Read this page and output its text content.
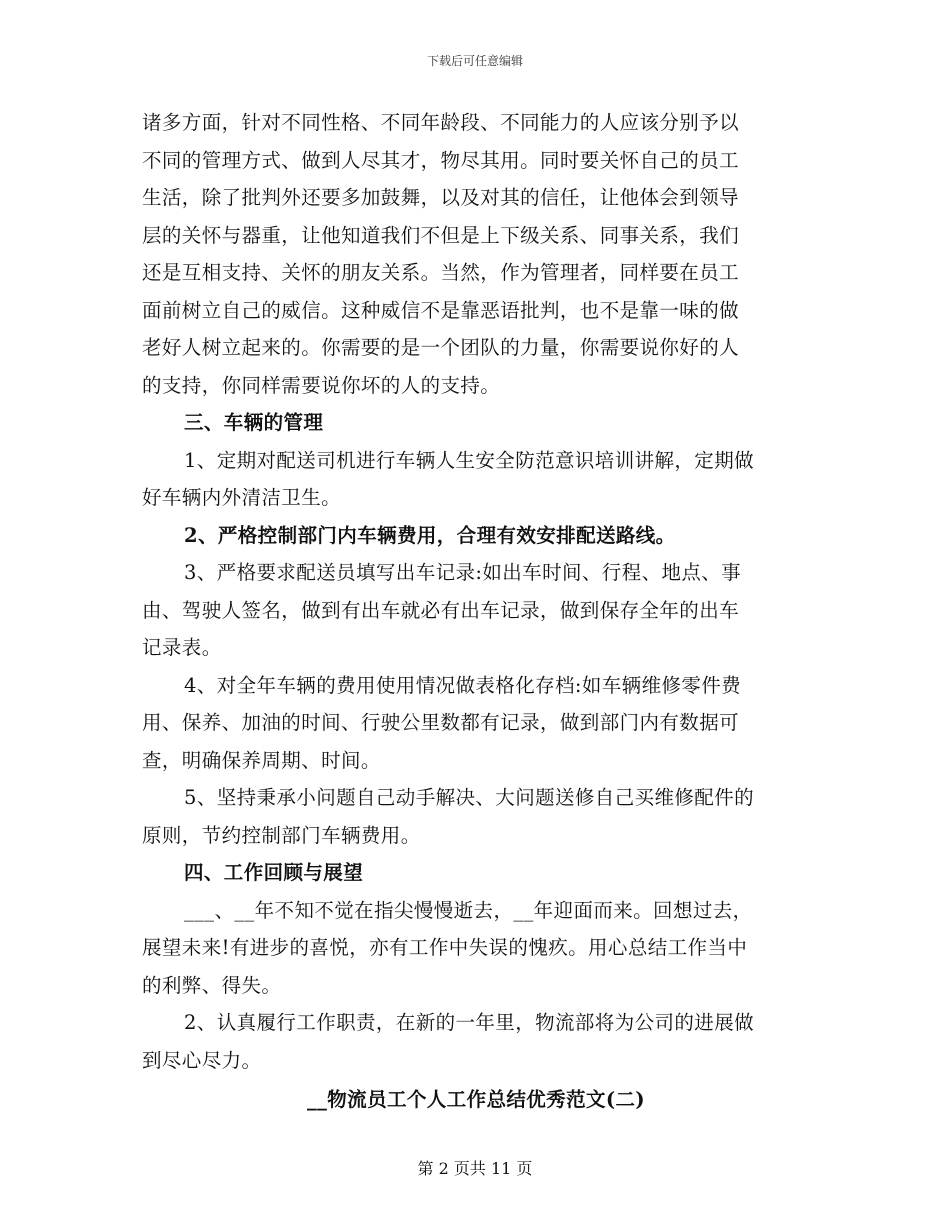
下载后可任意编辑
诸多方面，针对不同性格、不同年龄段、不同能力的人应该分别予以
不同的管理方式、做到人尽其才，物尽其用。同时要关怀自己的员工
生活，除了批判外还要多加鼓舞，以及对其的信任，让他体会到领导
层的关怀与器重，让他知道我们不但是上下级关系、同事关系，我们
还是互相支持、关怀的朋友关系。当然，作为管理者，同样要在员工
面前树立自己的威信。这种威信不是靠恶语批判，也不是靠一味的做
老好人树立起来的。你需要的是一个团队的力量，你需要说你好的人
的支持，你同样需要说你坏的人的支持。
三、车辆的管理
1、定期对配送司机进行车辆人生安全防范意识培训讲解，定期做
好车辆内外清洁卫生。
2、严格控制部门内车辆费用，合理有效安排配送路线。
3、严格要求配送员填写出车记录:如出车时间、行程、地点、事
由、驾驶人签名，做到有出车就必有出车记录，做到保存全年的出车
记录表。
4、对全年车辆的费用使用情况做表格化存档:如车辆维修零件费
用、保养、加油的时间、行驶公里数都有记录，做到部门内有数据可
查，明确保养周期、时间。
5、坚持秉承小问题自己动手解决、大问题送修自己买维修配件的
原则，节约控制部门车辆费用。
四、工作回顾与展望
___、__年不知不觉在指尖慢慢逝去，__年迎面而来。回想过去，
展望未来!有进步的喜悦，亦有工作中失误的愧疚。用心总结工作当中
的利弊、得失。
2、认真履行工作职责，在新的一年里，物流部将为公司的进展做
到尽心尽力。
__物流员工个人工作总结优秀范文(二)
第 2 页共 11 页
